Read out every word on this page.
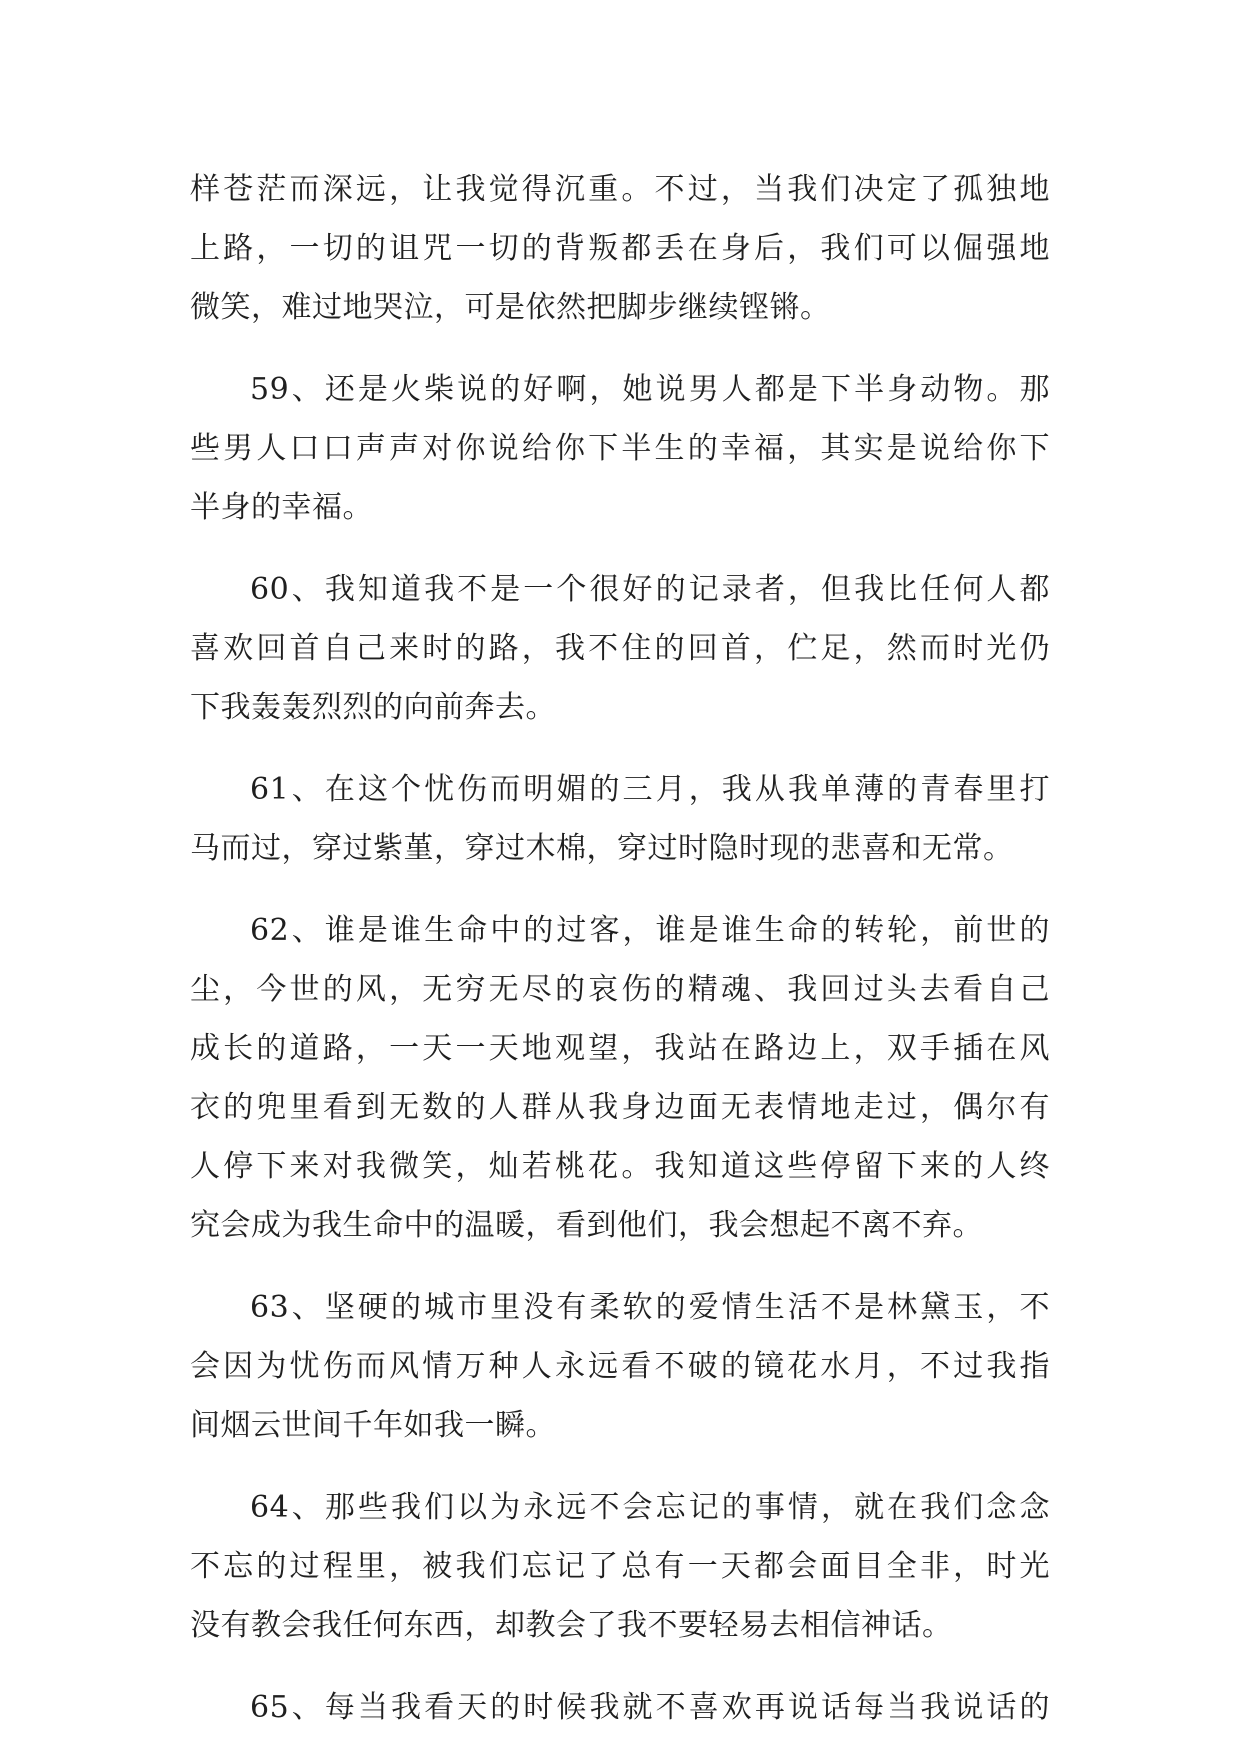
样苍茫而深远，让我觉得沉重。不过，当我们决定了孤独地
上路，一切的诅咒一切的背叛都丢在身后，我们可以倔强地
微笑，难过地哭泣，可是依然把脚步继续铿锵。
59、还是火柴说的好啊，她说男人都是下半身动物。那
些男人口口声声对你说给你下半生的幸福，其实是说给你下
半身的幸福。
60、我知道我不是一个很好的记录者，但我比任何人都
喜欢回首自己来时的路，我不住的回首，伫足，然而时光仍
下我轰轰烈烈的向前奔去。
61、在这个忧伤而明媚的三月，我从我单薄的青春里打
马而过，穿过紫堇，穿过木棉，穿过时隐时现的悲喜和无常。
62、谁是谁生命中的过客，谁是谁生命的转轮，前世的
尘，今世的风，无穷无尽的哀伤的精魂、我回过头去看自己
成长的道路，一天一天地观望，我站在路边上，双手插在风
衣的兜里看到无数的人群从我身边面无表情地走过，偶尔有
人停下来对我微笑，灿若桃花。我知道这些停留下来的人终
究会成为我生命中的温暖，看到他们，我会想起不离不弃。
63、坚硬的城市里没有柔软的爱情生活不是林黛玉，不
会因为忧伤而风情万种人永远看不破的镜花水月，不过我指
间烟云世间千年如我一瞬。
64、那些我们以为永远不会忘记的事情，就在我们念念
不忘的过程里，被我们忘记了总有一天都会面目全非，时光
没有教会我任何东西，却教会了我不要轻易去相信神话。
65、每当我看天的时候我就不喜欢再说话每当我说话的
